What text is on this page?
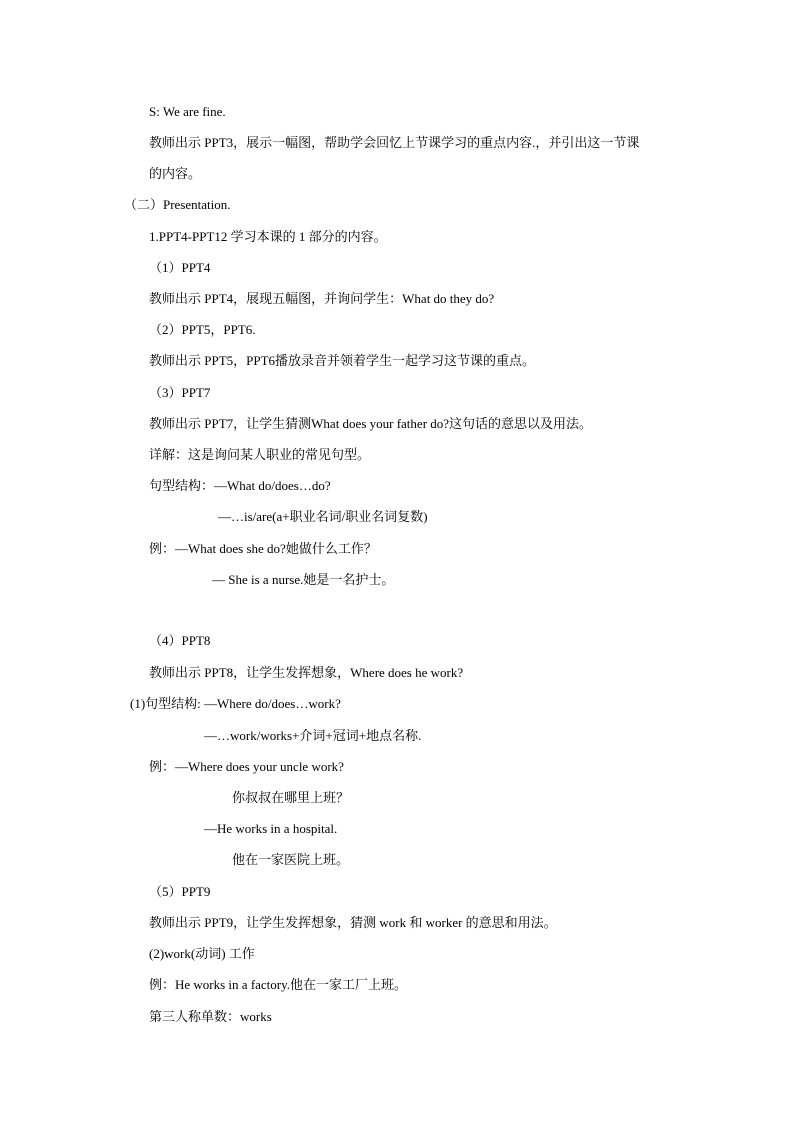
S: We are fine.
教师出示 PPT3，展示一幅图，帮助学会回忆上节课学习的重点内容.，并引出这一节课
的内容。
（二）Presentation.
1.PPT4-PPT12 学习本课的 1 部分的内容。
（1）PPT4
教师出示 PPT4，展现五幅图，并询问学生：What do they do?
（2）PPT5，PPT6.
教师出示 PPT5，PPT6播放录音并领着学生一起学习这节课的重点。
（3）PPT7
教师出示 PPT7，让学生猜测What does your father do?这句话的意思以及用法。
详解：这是询问某人职业的常见句型。
句型结构：—What do/does…do?
—…is/are(a+职业名词/职业名词复数)
例：—What does she do?她做什么工作？
— She is a nurse.她是一名护士。
（4）PPT8
教师出示 PPT8，让学生发挥想象，Where does he work?
(1)句型结构: —Where do/does…work?
—…work/works+介词+冠词+地点名称.
例：—Where does your uncle work?
你叔叔在哪里上班？
—He works in a hospital.
他在一家医院上班。
（5）PPT9
教师出示 PPT9，让学生发挥想象，猜测 work 和 worker 的意思和用法。
(2)work(动词) 工作
例：He works in a factory.他在一家工厂上班。
第三人称单数：works
